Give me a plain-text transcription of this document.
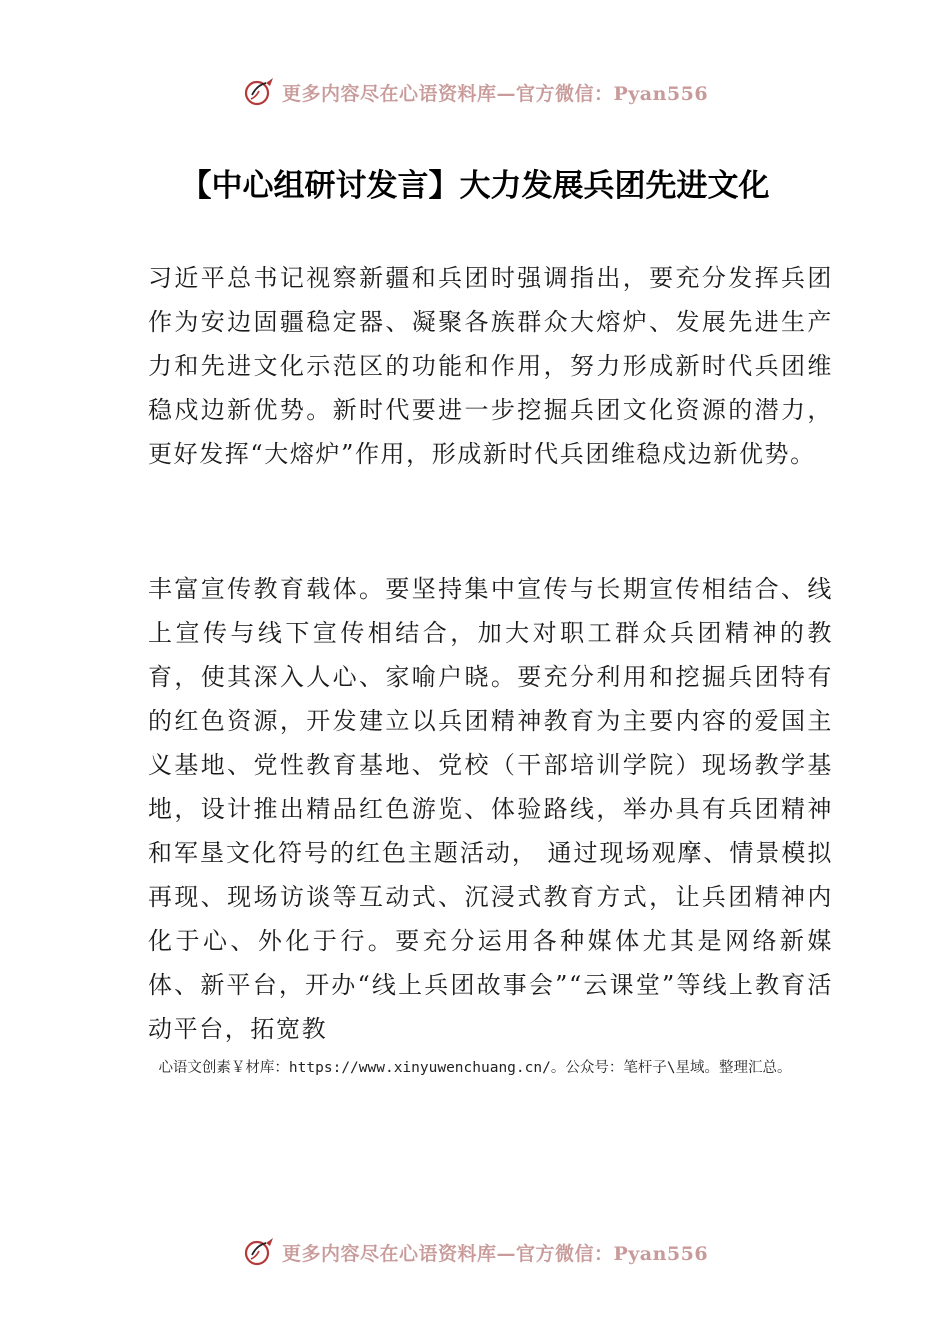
更多内容尽在心语资料库—官方微信：Pyan556
【中心组研讨发言】大力发展兵团先进文化

习近平总书记视察新疆和兵团时强调指出，要充分发挥兵团作为安边固疆稳定器、凝聚各族群众大熔炉、发展先进生产力和先进文化示范区的功能和作用，努力形成新时代兵团维稳戍边新优势。新时代要进一步挖掘兵团文化资源的潜力，更好发挥“大熔炉”作用，形成新时代兵团维稳戍边新优势。

丰富宣传教育载体。要坚持集中宣传与长期宣传相结合、线上宣传与线下宣传相结合，加大对职工群众兵团精神的教育，使其深入人心、家喻户晓。要充分利用和挖掘兵团特有的红色资源，开发建立以兵团精神教育为主要内容的爱国主义基地、党性教育基地、党校（干部培训学院）现场教学基地，设计推出精品红色游览、体验路线，举办具有兵团精神和军垦文化符号的红色主题活动， 通过现场观摩、情景模拟再现、现场访谈等互动式、沉浸式教育方式，让兵团精神内化于心、外化于行。要充分运用各种媒体尤其是网络新媒体、新平台，开办“线上兵团故事会”“云课堂”等线上教育活动平台，拓宽教

心语文创素￥材库：https://www.xinyuwenchuang.cn/。公众号：笔杆子\星域。整理汇总。
更多内容尽在心语资料库—官方微信：Pyan556
